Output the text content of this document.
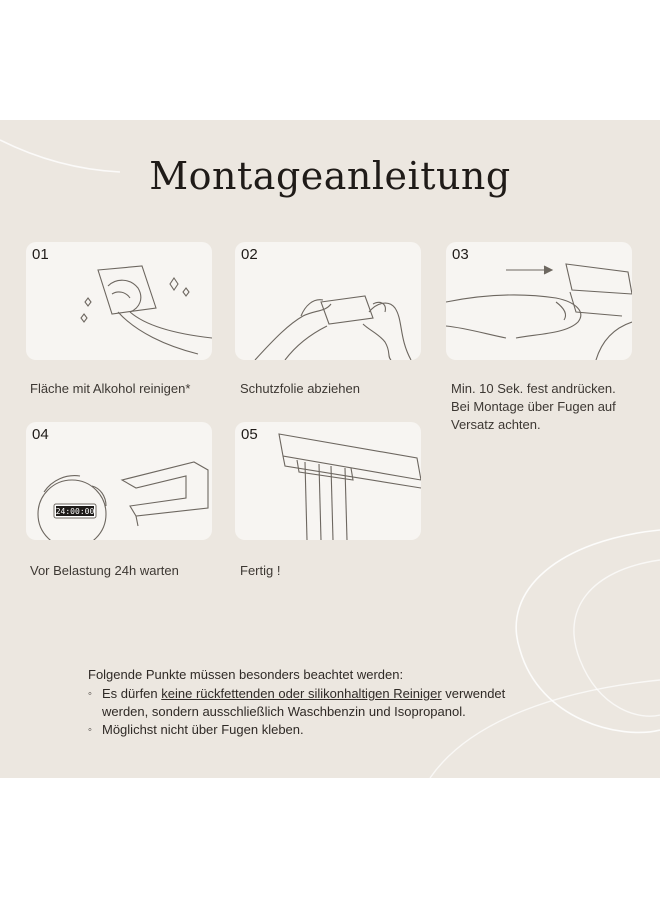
Montageanleitung
01
Fläche mit Alkohol reinigen*
02
Schutzfolie abziehen
03
Min. 10 Sek. fest andrücken.
Bei Montage über Fugen auf
Versatz achten.
24:00:00
04
Vor Belastung 24h warten
05
Fertig !
Folgende Punkte müssen besonders beachtet werden:
◦ Es dürfen keine rückfettenden oder silikonhaltigen Reiniger verwendet
werden, sondern ausschließlich Waschbenzin und Isopropanol.
◦ Möglichst nicht über Fugen kleben.
